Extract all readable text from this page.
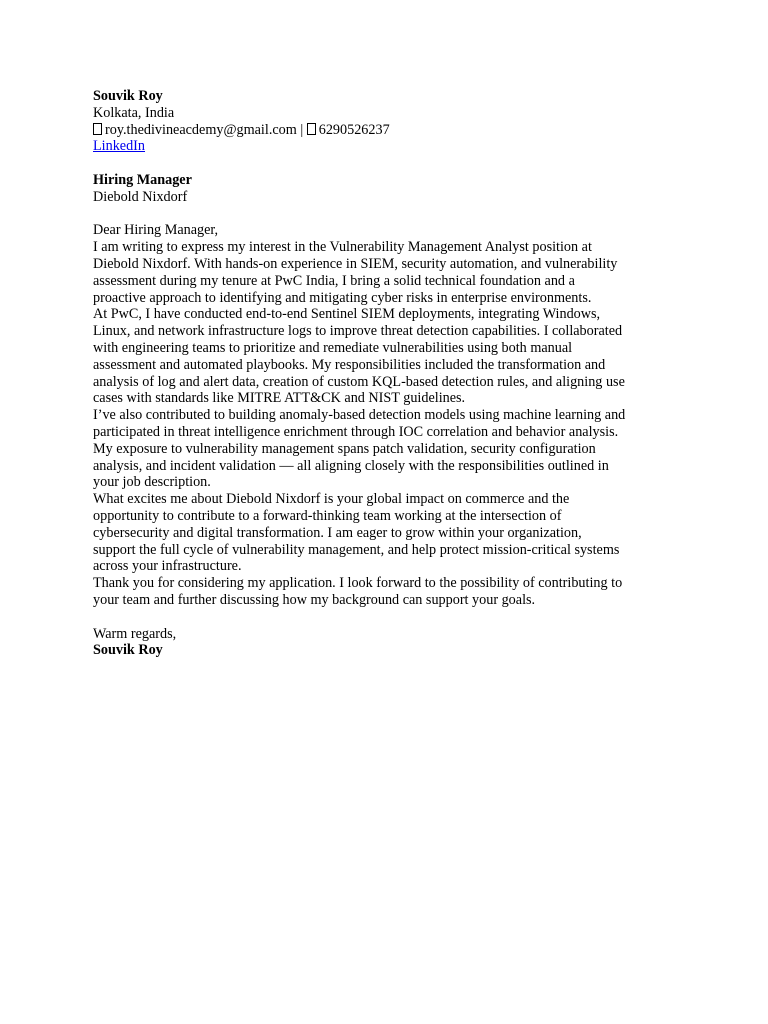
Souvik Roy
Kolkata, India
roy.thedivineacdemy@gmail.com | 6290526237
LinkedIn
Hiring Manager
Diebold Nixdorf
Dear Hiring Manager,
I am writing to express my interest in the Vulnerability Management Analyst position at
Diebold Nixdorf. With hands-on experience in SIEM, security automation, and vulnerability
assessment during my tenure at PwC India, I bring a solid technical foundation and a
proactive approach to identifying and mitigating cyber risks in enterprise environments.
At PwC, I have conducted end-to-end Sentinel SIEM deployments, integrating Windows,
Linux, and network infrastructure logs to improve threat detection capabilities. I collaborated
with engineering teams to prioritize and remediate vulnerabilities using both manual
assessment and automated playbooks. My responsibilities included the transformation and
analysis of log and alert data, creation of custom KQL-based detection rules, and aligning use
cases with standards like MITRE ATT&CK and NIST guidelines.
I’ve also contributed to building anomaly-based detection models using machine learning and
participated in threat intelligence enrichment through IOC correlation and behavior analysis.
My exposure to vulnerability management spans patch validation, security configuration
analysis, and incident validation — all aligning closely with the responsibilities outlined in
your job description.
What excites me about Diebold Nixdorf is your global impact on commerce and the
opportunity to contribute to a forward-thinking team working at the intersection of
cybersecurity and digital transformation. I am eager to grow within your organization,
support the full cycle of vulnerability management, and help protect mission-critical systems
across your infrastructure.
Thank you for considering my application. I look forward to the possibility of contributing to
your team and further discussing how my background can support your goals.
Warm regards,
Souvik Roy
